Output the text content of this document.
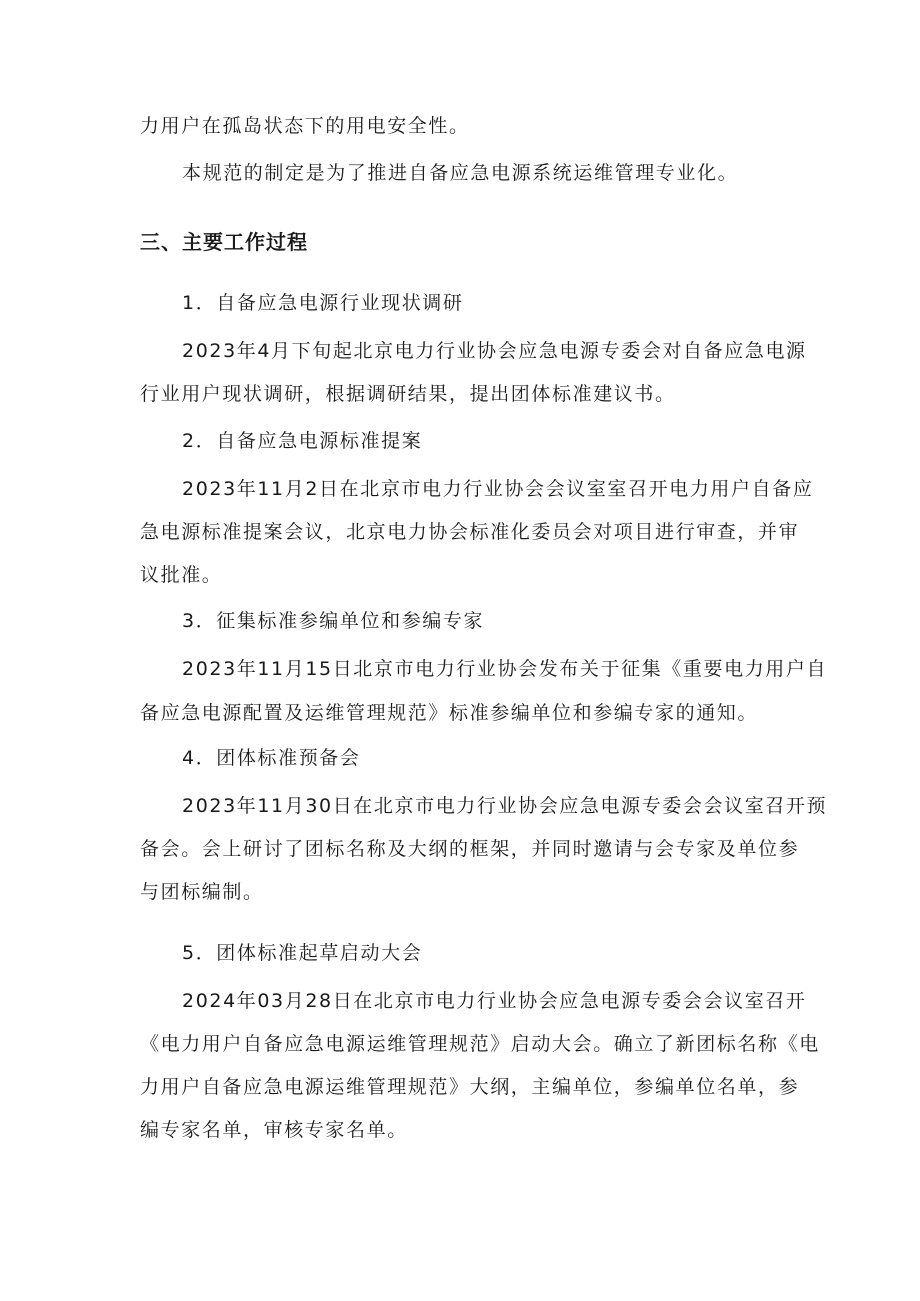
力用户在孤岛状态下的用电安全性。
本规范的制定是为了推进自备应急电源系统运维管理专业化。
三、主要工作过程
1．自备应急电源行业现状调研
2023年4月下旬起北京电力行业协会应急电源专委会对自备应急电源
行业用户现状调研，根据调研结果，提出团体标准建议书。
2．自备应急电源标准提案
2023年11月2日在北京市电力行业协会会议室室召开电力用户自备应
急电源标准提案会议，北京电力协会标准化委员会对项目进行审查，并审
议批准。
3．征集标准参编单位和参编专家
2023年11月15日北京市电力行业协会发布关于征集《重要电力用户自
备应急电源配置及运维管理规范》标准参编单位和参编专家的通知。
4．团体标准预备会
2023年11月30日在北京市电力行业协会应急电源专委会会议室召开预
备会。会上研讨了团标名称及大纲的框架，并同时邀请与会专家及单位参
与团标编制。
5．团体标准起草启动大会
2024年03月28日在北京市电力行业协会应急电源专委会会议室召开
《电力用户自备应急电源运维管理规范》启动大会。确立了新团标名称《电
力用户自备应急电源运维管理规范》大纲，主编单位，参编单位名单，参
编专家名单，审核专家名单。
